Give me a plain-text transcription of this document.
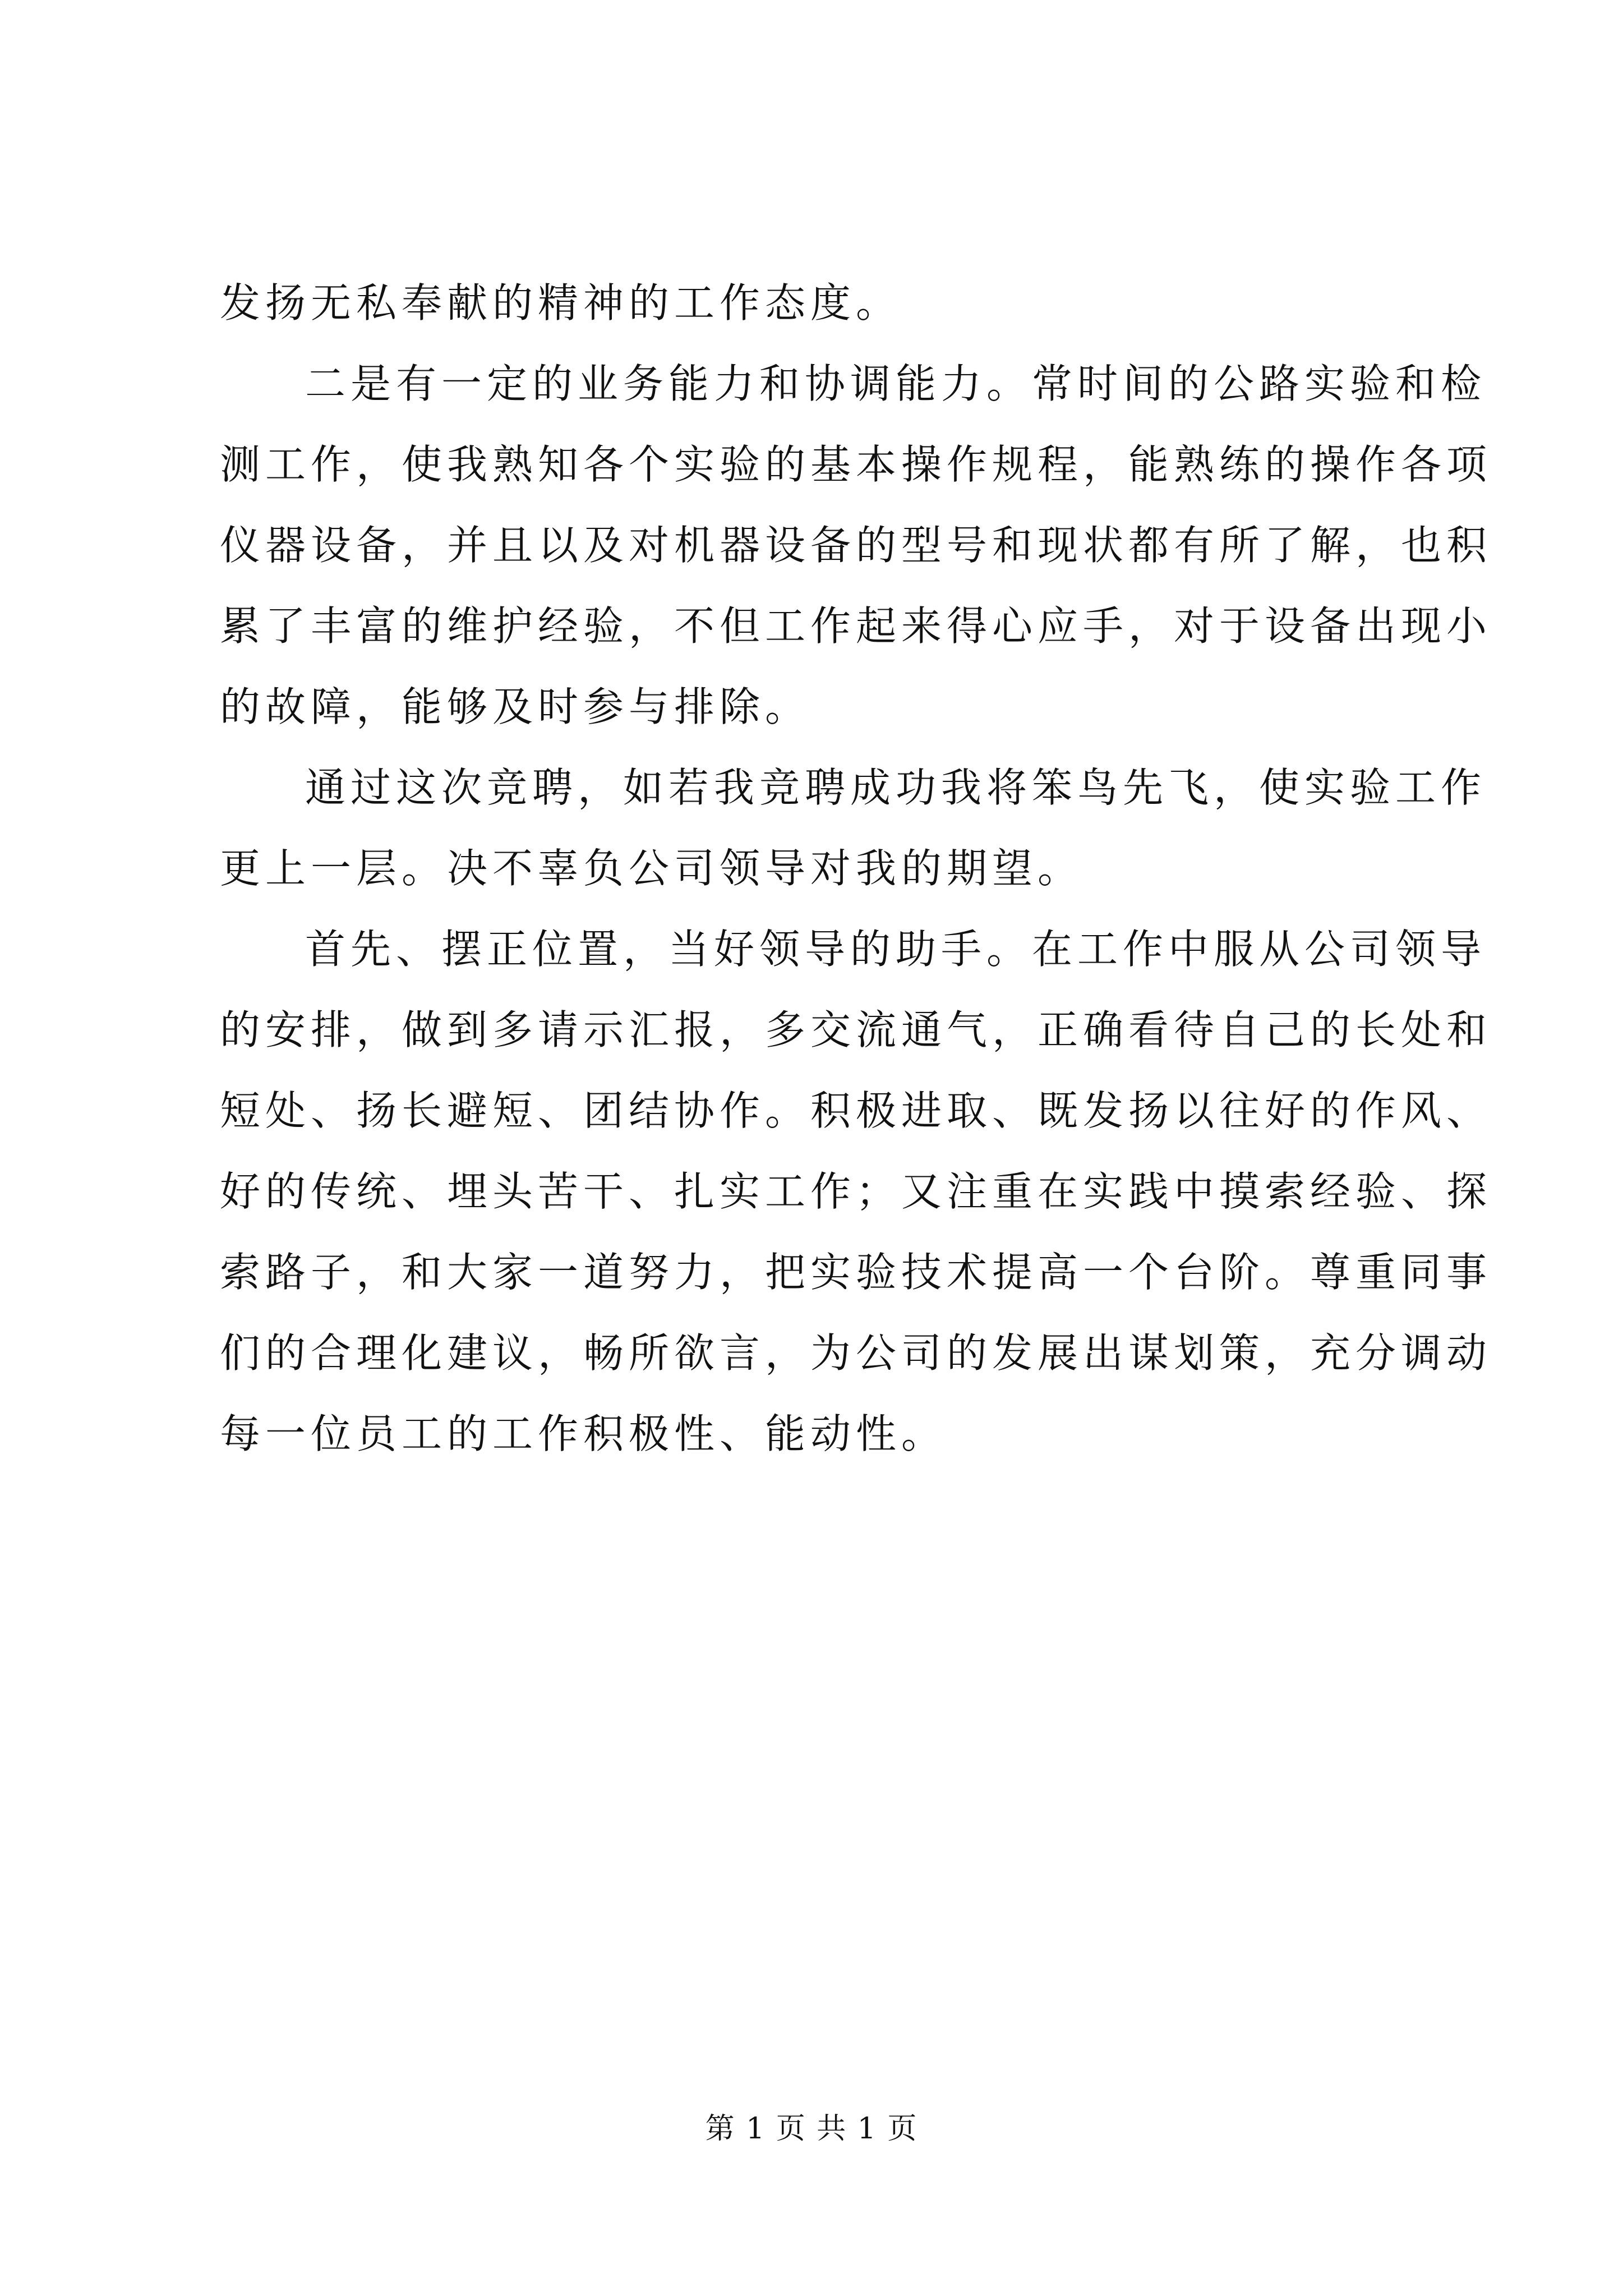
发扬无私奉献的精神的工作态度。
二是有一定的业务能力和协调能力。常时间的公路实验和检
测工作，使我熟知各个实验的基本操作规程，能熟练的操作各项
仪器设备，并且以及对机器设备的型号和现状都有所了解，也积
累了丰富的维护经验，不但工作起来得心应手，对于设备出现小
的故障，能够及时参与排除。
通过这次竞聘，如若我竞聘成功我将笨鸟先飞，使实验工作
更上一层。决不辜负公司领导对我的期望。
首先、摆正位置，当好领导的助手。在工作中服从公司领导
的安排，做到多请示汇报，多交流通气，正确看待自己的长处和
短处、扬长避短、团结协作。积极进取、既发扬以往好的作风、
好的传统、埋头苦干、扎实工作；又注重在实践中摸索经验、探
索路子，和大家一道努力，把实验技术提高一个台阶。尊重同事
们的合理化建议，畅所欲言，为公司的发展出谋划策，充分调动
每一位员工的工作积极性、能动性。
第 1 页 共 1 页
